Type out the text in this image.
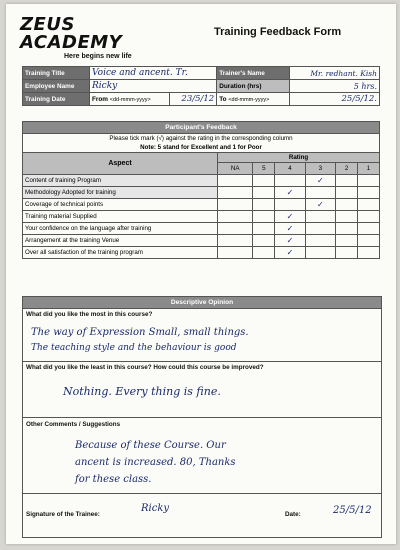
ZEUS ACADEMY
Here begins new life
Training Feedback Form
Training Title	Voice and ancent. Tr.		Trainer's Name	Mr. redhant. Kish
Employee Name	Ricky		Duration (hrs)	5 hrs.
Training Date	From <dd-mmm-yyyy>	23/5/12	To <dd-mmm-yyyy>	25/5/12.
Participant's Feedback						
Please tick mark (√) against the rating in the corresponding column						
Note: 5 stand for Excellent and 1 for Poor						
Aspect	Rating					
	NA	5	4	3	2	1
Content of training Program				✓		
Methodology Adopted for training			✓			
Coverage of technical points				✓		
Training material Supplied			✓			
Your confidence on the language after training			✓			
Arrangement at the training Venue			✓			
Over all satisfaction of the training program			✓			
Descriptive Opinion
What did you like the most in this course?
The way of Expression Small, small things.
The teaching style and the behaviour is good
What did you like the least in this course? How could this course be improved?
Nothing. Every thing is fine.
Other Comments / Suggestions
Because of these Course. Our
ancent is increased. 80, Thanks
for these class.
Signature of the Trainee:
Ricky
Date:	25/5/12
